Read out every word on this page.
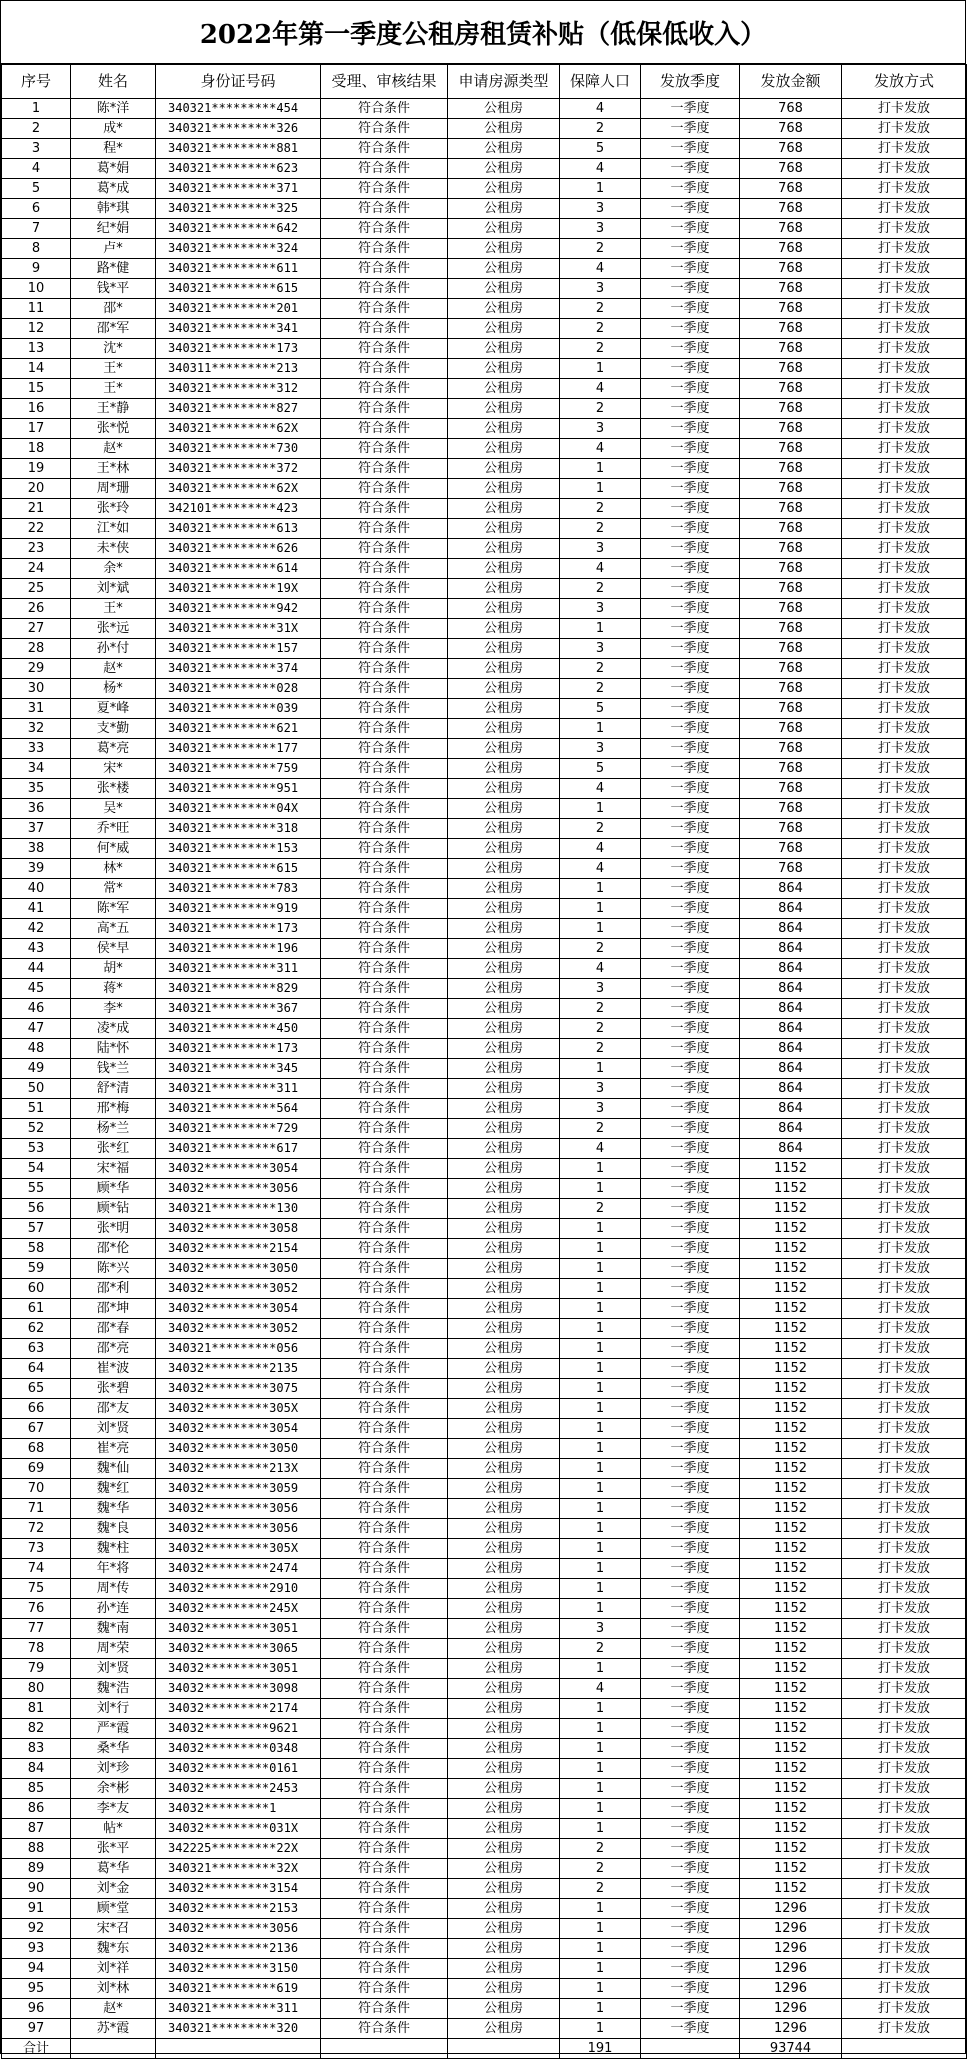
2022年第一季度公租房租赁补贴（低保低收入）
序号	姓名	身份证号码	受理、审核结果	申请房源类型	保障人口	发放季度	发放金额	发放方式
1	陈*洋	340321*********454	符合条件	公租房	4	一季度	768	打卡发放
2	成*	340321*********326	符合条件	公租房	2	一季度	768	打卡发放
3	程*	340321*********881	符合条件	公租房	5	一季度	768	打卡发放
4	葛*娟	340321*********623	符合条件	公租房	4	一季度	768	打卡发放
5	葛*成	340321*********371	符合条件	公租房	1	一季度	768	打卡发放
6	韩*琪	340321*********325	符合条件	公租房	3	一季度	768	打卡发放
7	纪*娟	340321*********642	符合条件	公租房	3	一季度	768	打卡发放
8	卢*	340321*********324	符合条件	公租房	2	一季度	768	打卡发放
9	路*健	340321*********611	符合条件	公租房	4	一季度	768	打卡发放
10	钱*平	340321*********615	符合条件	公租房	3	一季度	768	打卡发放
11	邵*	340321*********201	符合条件	公租房	2	一季度	768	打卡发放
12	邵*军	340321*********341	符合条件	公租房	2	一季度	768	打卡发放
13	沈*	340321*********173	符合条件	公租房	2	一季度	768	打卡发放
14	王*	340311*********213	符合条件	公租房	1	一季度	768	打卡发放
15	王*	340321*********312	符合条件	公租房	4	一季度	768	打卡发放
16	王*静	340321*********827	符合条件	公租房	2	一季度	768	打卡发放
17	张*悦	340321*********62X	符合条件	公租房	3	一季度	768	打卡发放
18	赵*	340321*********730	符合条件	公租房	4	一季度	768	打卡发放
19	王*林	340321*********372	符合条件	公租房	1	一季度	768	打卡发放
20	周*珊	340321*********62X	符合条件	公租房	1	一季度	768	打卡发放
21	张*玲	342101*********423	符合条件	公租房	2	一季度	768	打卡发放
22	江*如	340321*********613	符合条件	公租房	2	一季度	768	打卡发放
23	未*侠	340321*********626	符合条件	公租房	3	一季度	768	打卡发放
24	余*	340321*********614	符合条件	公租房	4	一季度	768	打卡发放
25	刘*斌	340321*********19X	符合条件	公租房	2	一季度	768	打卡发放
26	王*	340321*********942	符合条件	公租房	3	一季度	768	打卡发放
27	张*远	340321*********31X	符合条件	公租房	1	一季度	768	打卡发放
28	孙*付	340321*********157	符合条件	公租房	3	一季度	768	打卡发放
29	赵*	340321*********374	符合条件	公租房	2	一季度	768	打卡发放
30	杨*	340321*********028	符合条件	公租房	2	一季度	768	打卡发放
31	夏*峰	340321*********039	符合条件	公租房	5	一季度	768	打卡发放
32	支*勤	340321*********621	符合条件	公租房	1	一季度	768	打卡发放
33	葛*亮	340321*********177	符合条件	公租房	3	一季度	768	打卡发放
34	宋*	340321*********759	符合条件	公租房	5	一季度	768	打卡发放
35	张*楼	340321*********951	符合条件	公租房	4	一季度	768	打卡发放
36	吴*	340321*********04X	符合条件	公租房	1	一季度	768	打卡发放
37	乔*旺	340321*********318	符合条件	公租房	2	一季度	768	打卡发放
38	何*威	340321*********153	符合条件	公租房	4	一季度	768	打卡发放
39	林*	340321*********615	符合条件	公租房	4	一季度	768	打卡发放
40	常*	340321*********783	符合条件	公租房	1	一季度	864	打卡发放
41	陈*军	340321*********919	符合条件	公租房	1	一季度	864	打卡发放
42	高*五	340321*********173	符合条件	公租房	1	一季度	864	打卡发放
43	侯*早	340321*********196	符合条件	公租房	2	一季度	864	打卡发放
44	胡*	340321*********311	符合条件	公租房	4	一季度	864	打卡发放
45	蒋*	340321*********829	符合条件	公租房	3	一季度	864	打卡发放
46	李*	340321*********367	符合条件	公租房	2	一季度	864	打卡发放
47	凌*成	340321*********450	符合条件	公租房	2	一季度	864	打卡发放
48	陆*怀	340321*********173	符合条件	公租房	2	一季度	864	打卡发放
49	钱*兰	340321*********345	符合条件	公租房	1	一季度	864	打卡发放
50	舒*清	340321*********311	符合条件	公租房	3	一季度	864	打卡发放
51	邢*梅	340321*********564	符合条件	公租房	3	一季度	864	打卡发放
52	杨*兰	340321*********729	符合条件	公租房	2	一季度	864	打卡发放
53	张*红	340321*********617	符合条件	公租房	4	一季度	864	打卡发放
54	宋*福	34032*********3054	符合条件	公租房	1	一季度	1152	打卡发放
55	顾*华	34032*********3056	符合条件	公租房	1	一季度	1152	打卡发放
56	顾*钻	340321*********130	符合条件	公租房	2	一季度	1152	打卡发放
57	张*明	34032*********3058	符合条件	公租房	1	一季度	1152	打卡发放
58	邵*伦	34032*********2154	符合条件	公租房	1	一季度	1152	打卡发放
59	陈*兴	34032*********3050	符合条件	公租房	1	一季度	1152	打卡发放
60	邵*利	34032*********3052	符合条件	公租房	1	一季度	1152	打卡发放
61	邵*坤	34032*********3054	符合条件	公租房	1	一季度	1152	打卡发放
62	邵*春	34032*********3052	符合条件	公租房	1	一季度	1152	打卡发放
63	邵*亮	340321*********056	符合条件	公租房	1	一季度	1152	打卡发放
64	崔*波	34032*********2135	符合条件	公租房	1	一季度	1152	打卡发放
65	张*碧	34032*********3075	符合条件	公租房	1	一季度	1152	打卡发放
66	邵*友	34032*********305X	符合条件	公租房	1	一季度	1152	打卡发放
67	刘*贤	34032*********3054	符合条件	公租房	1	一季度	1152	打卡发放
68	崔*亮	34032*********3050	符合条件	公租房	1	一季度	1152	打卡发放
69	魏*仙	34032*********213X	符合条件	公租房	1	一季度	1152	打卡发放
70	魏*红	34032*********3059	符合条件	公租房	1	一季度	1152	打卡发放
71	魏*华	34032*********3056	符合条件	公租房	1	一季度	1152	打卡发放
72	魏*良	34032*********3056	符合条件	公租房	1	一季度	1152	打卡发放
73	魏*柱	34032*********305X	符合条件	公租房	1	一季度	1152	打卡发放
74	年*将	34032*********2474	符合条件	公租房	1	一季度	1152	打卡发放
75	周*传	34032*********2910	符合条件	公租房	1	一季度	1152	打卡发放
76	孙*连	34032*********245X	符合条件	公租房	1	一季度	1152	打卡发放
77	魏*南	34032*********3051	符合条件	公租房	3	一季度	1152	打卡发放
78	周*荣	34032*********3065	符合条件	公租房	2	一季度	1152	打卡发放
79	刘*贤	34032*********3051	符合条件	公租房	1	一季度	1152	打卡发放
80	魏*浩	34032*********3098	符合条件	公租房	4	一季度	1152	打卡发放
81	刘*行	34032*********2174	符合条件	公租房	1	一季度	1152	打卡发放
82	严*霞	34032*********9621	符合条件	公租房	1	一季度	1152	打卡发放
83	桑*华	34032*********0348	符合条件	公租房	1	一季度	1152	打卡发放
84	刘*珍	34032*********0161	符合条件	公租房	1	一季度	1152	打卡发放
85	余*彬	34032*********2453	符合条件	公租房	1	一季度	1152	打卡发放
86	李*友	34032*********1	符合条件	公租房	1	一季度	1152	打卡发放
87	帖*	34032*********031X	符合条件	公租房	1	一季度	1152	打卡发放
88	张*平	342225*********22X	符合条件	公租房	2	一季度	1152	打卡发放
89	葛*华	340321*********32X	符合条件	公租房	2	一季度	1152	打卡发放
90	刘*金	34032*********3154	符合条件	公租房	2	一季度	1152	打卡发放
91	顾*堂	34032*********2153	符合条件	公租房	1	一季度	1296	打卡发放
92	宋*召	34032*********3056	符合条件	公租房	1	一季度	1296	打卡发放
93	魏*东	34032*********2136	符合条件	公租房	1	一季度	1296	打卡发放
94	刘*祥	34032*********3150	符合条件	公租房	1	一季度	1296	打卡发放
95	刘*林	340321*********619	符合条件	公租房	1	一季度	1296	打卡发放
96	赵*	340321*********311	符合条件	公租房	1	一季度	1296	打卡发放
97	苏*霞	340321*********320	符合条件	公租房	1	一季度	1296	打卡发放
合计					191		93744	
